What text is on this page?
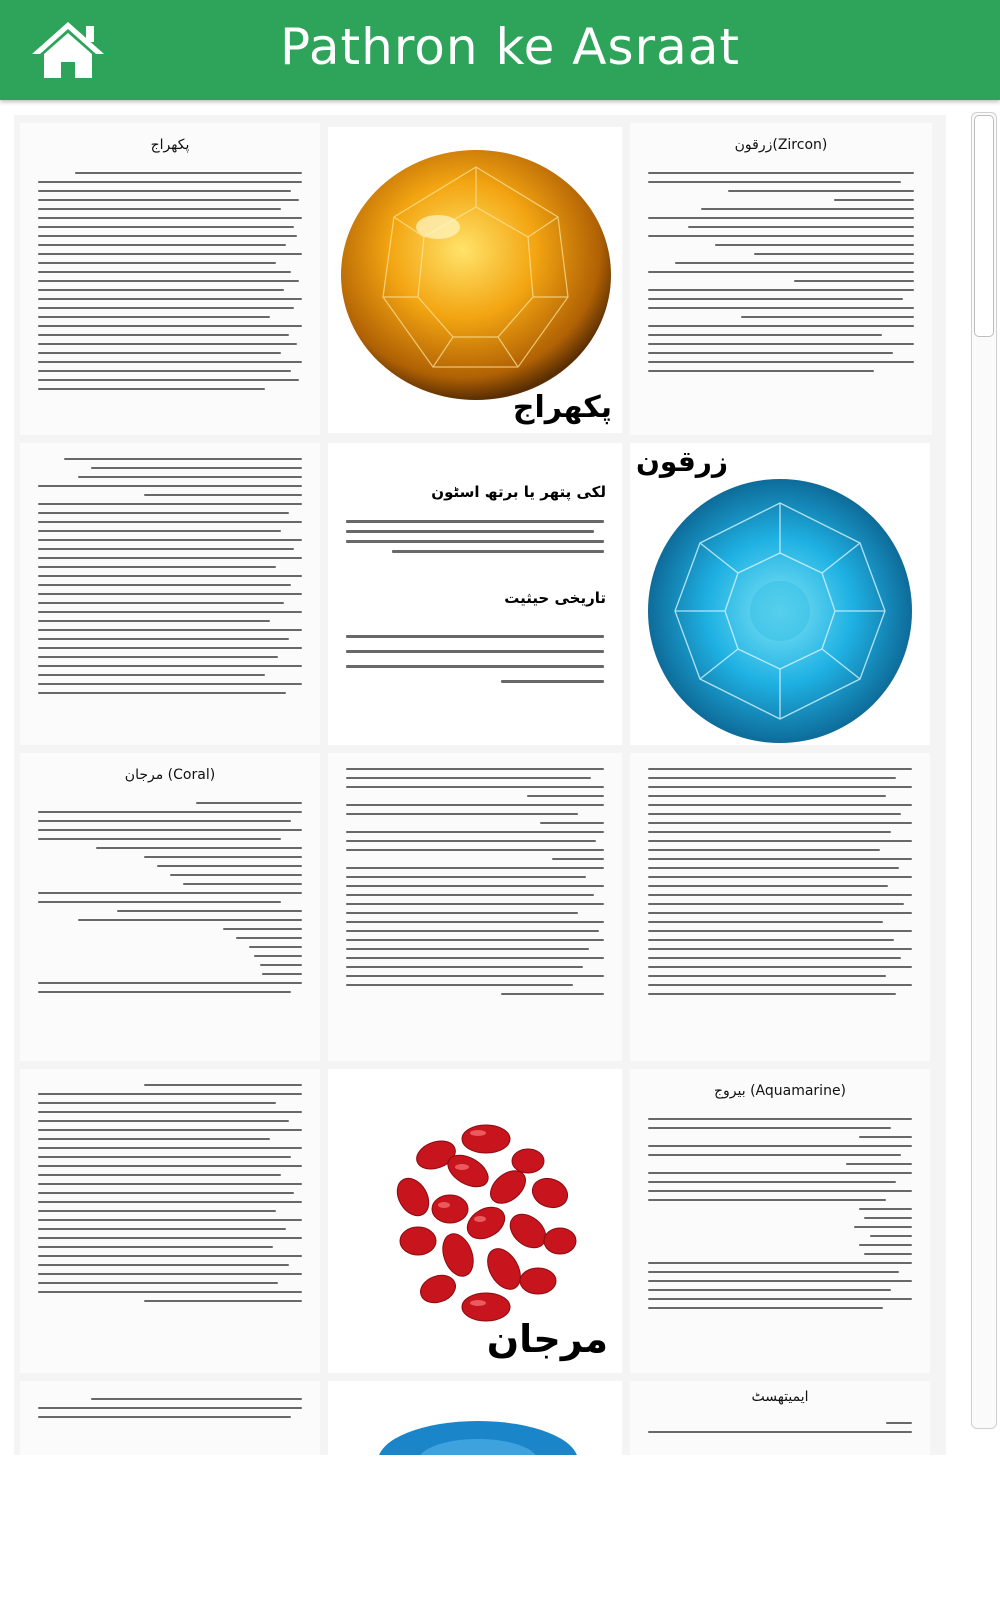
Pathron ke Asraat
پکھراج
پکھراج
زرقون(Zircon)
لکی پتھر یا برتھ اسٹون
تاریخی حیثیت
زرقون
مرجان (Coral)
مرجان
بیروج (Aquamarine)
ایمیتھسٹ
